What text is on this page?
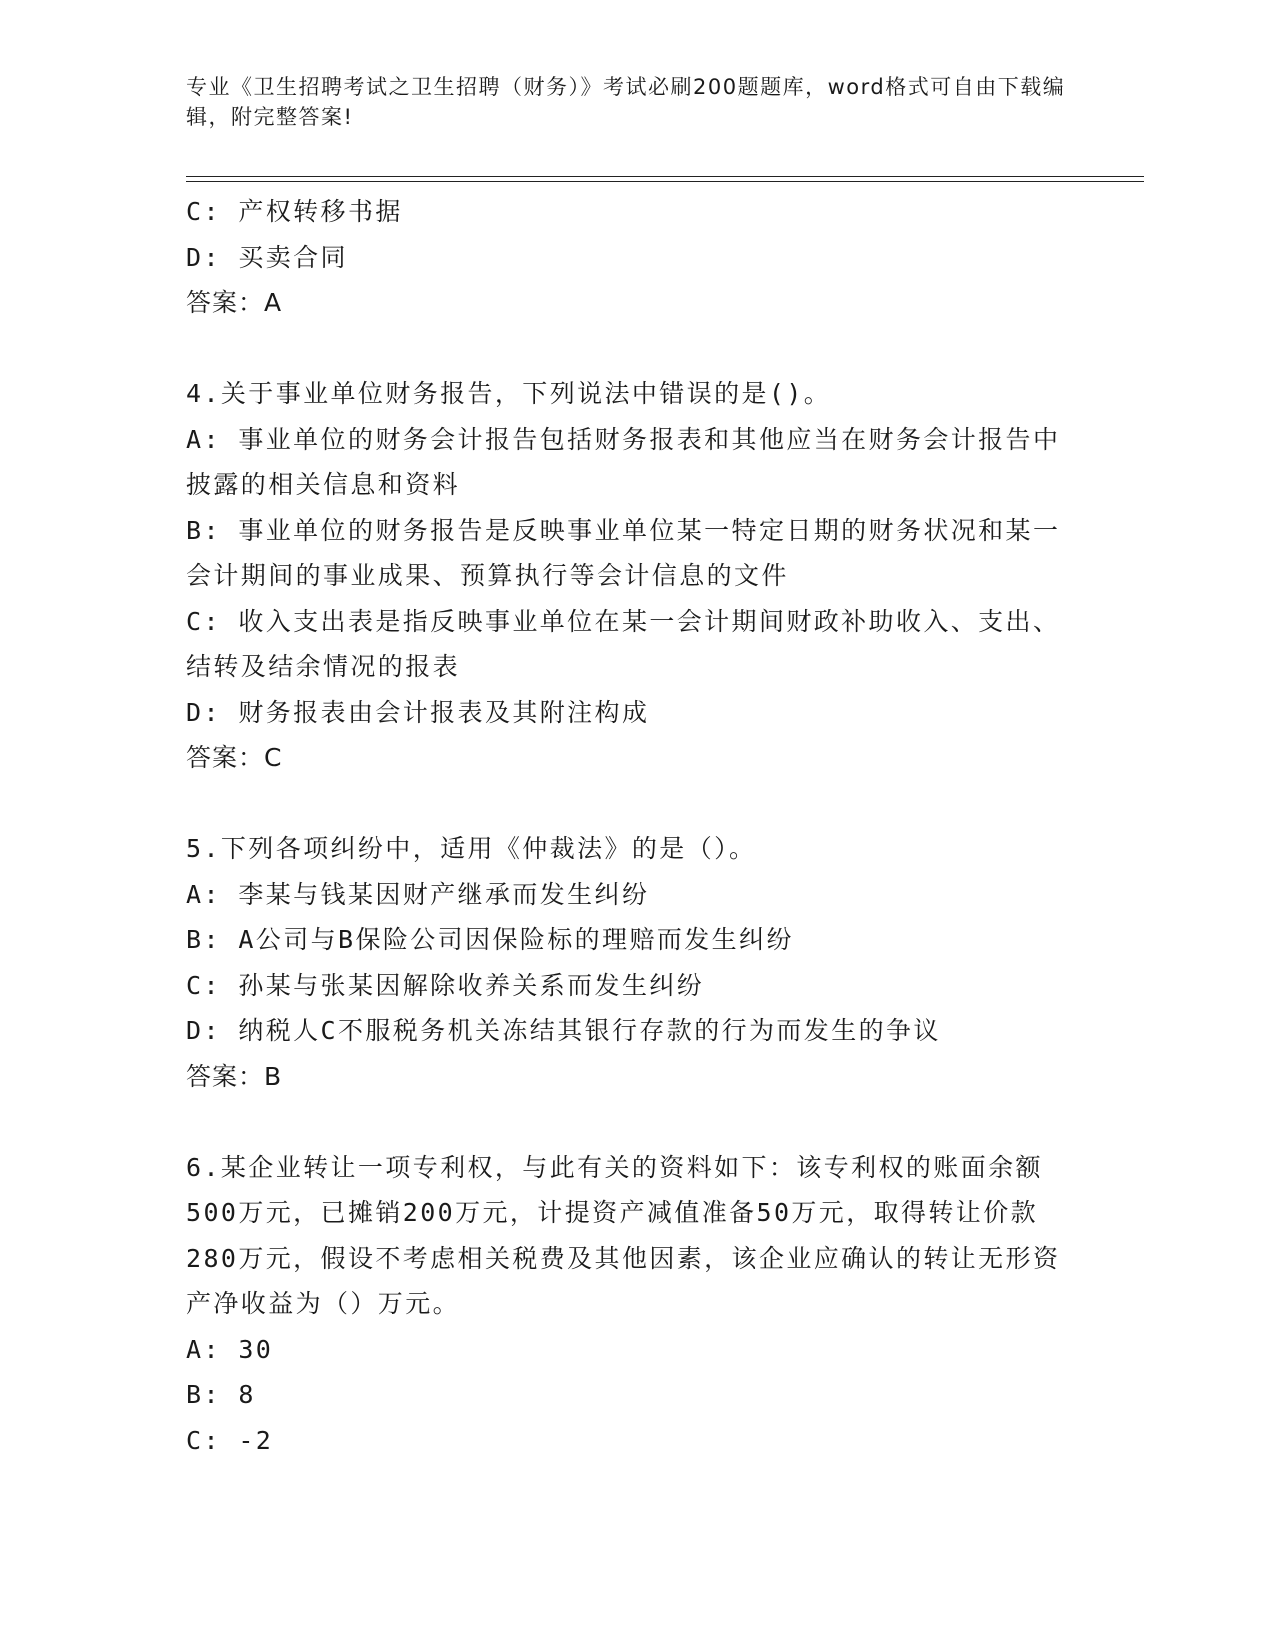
专业《卫生招聘考试之卫生招聘（财务）》考试必刷200题题库，word格式可自由下载编辑，附完整答案!
C: 产权转移书据
D: 买卖合同
答案：A
4.关于事业单位财务报告，下列说法中错误的是()。
A: 事业单位的财务会计报告包括财务报表和其他应当在财务会计报告中披露的相关信息和资料
B: 事业单位的财务报告是反映事业单位某一特定日期的财务状况和某一会计期间的事业成果、预算执行等会计信息的文件
C: 收入支出表是指反映事业单位在某一会计期间财政补助收入、支出、结转及结余情况的报表
D: 财务报表由会计报表及其附注构成
答案：C
5.下列各项纠纷中，适用《仲裁法》的是（）。
A: 李某与钱某因财产继承而发生纠纷
B: A公司与B保险公司因保险标的理赔而发生纠纷
C: 孙某与张某因解除收养关系而发生纠纷
D: 纳税人C不服税务机关冻结其银行存款的行为而发生的争议
答案：B
6.某企业转让一项专利权，与此有关的资料如下：该专利权的账面余额500万元，已摊销200万元，计提资产减值准备50万元，取得转让价款280万元，假设不考虑相关税费及其他因素，该企业应确认的转让无形资产净收益为（）万元。
A: 30
B: 8
C: -2
